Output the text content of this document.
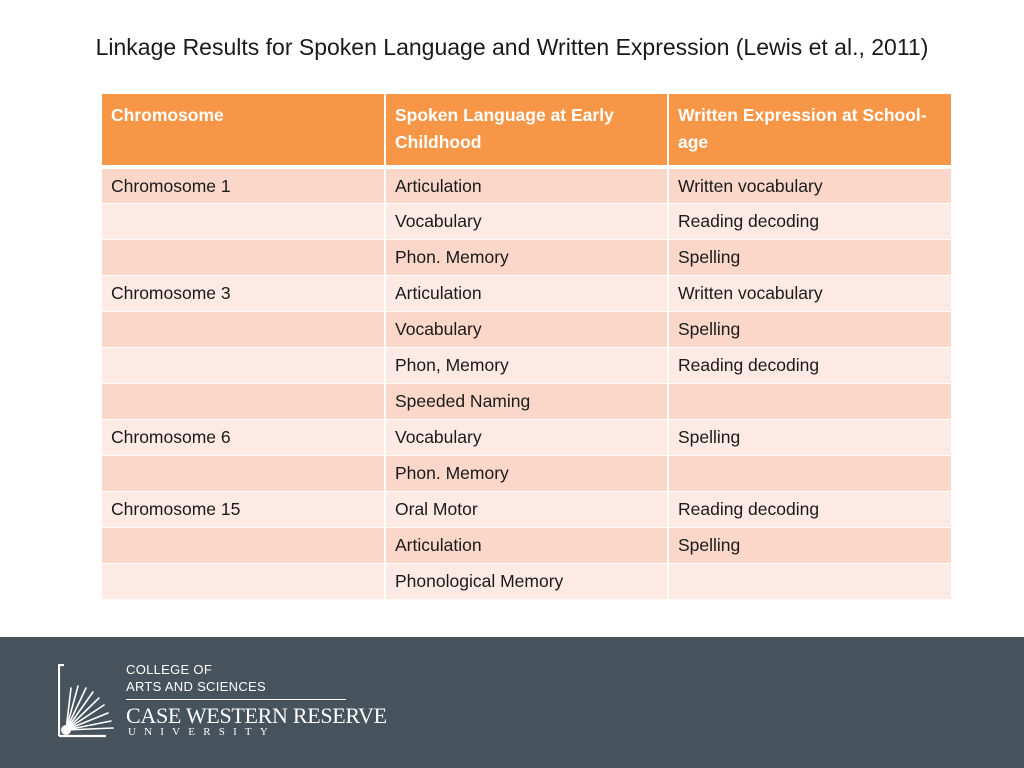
Linkage Results for Spoken Language and Written Expression (Lewis et al., 2011)
Chromosome	Spoken Language at Early Childhood	Written Expression at School-age
Chromosome 1	Articulation	Written vocabulary
	Vocabulary	Reading decoding
	Phon. Memory	Spelling
Chromosome 3	Articulation	Written vocabulary
	Vocabulary	Spelling
	Phon, Memory	Reading decoding
	Speeded Naming	
Chromosome 6	Vocabulary	Spelling
	Phon. Memory	
Chromosome 15	Oral Motor	Reading decoding
	Articulation	Spelling
	Phonological Memory	
COLLEGE OF
ARTS AND SCIENCES
CASE WESTERN RESERVE
UNIVERSITY
